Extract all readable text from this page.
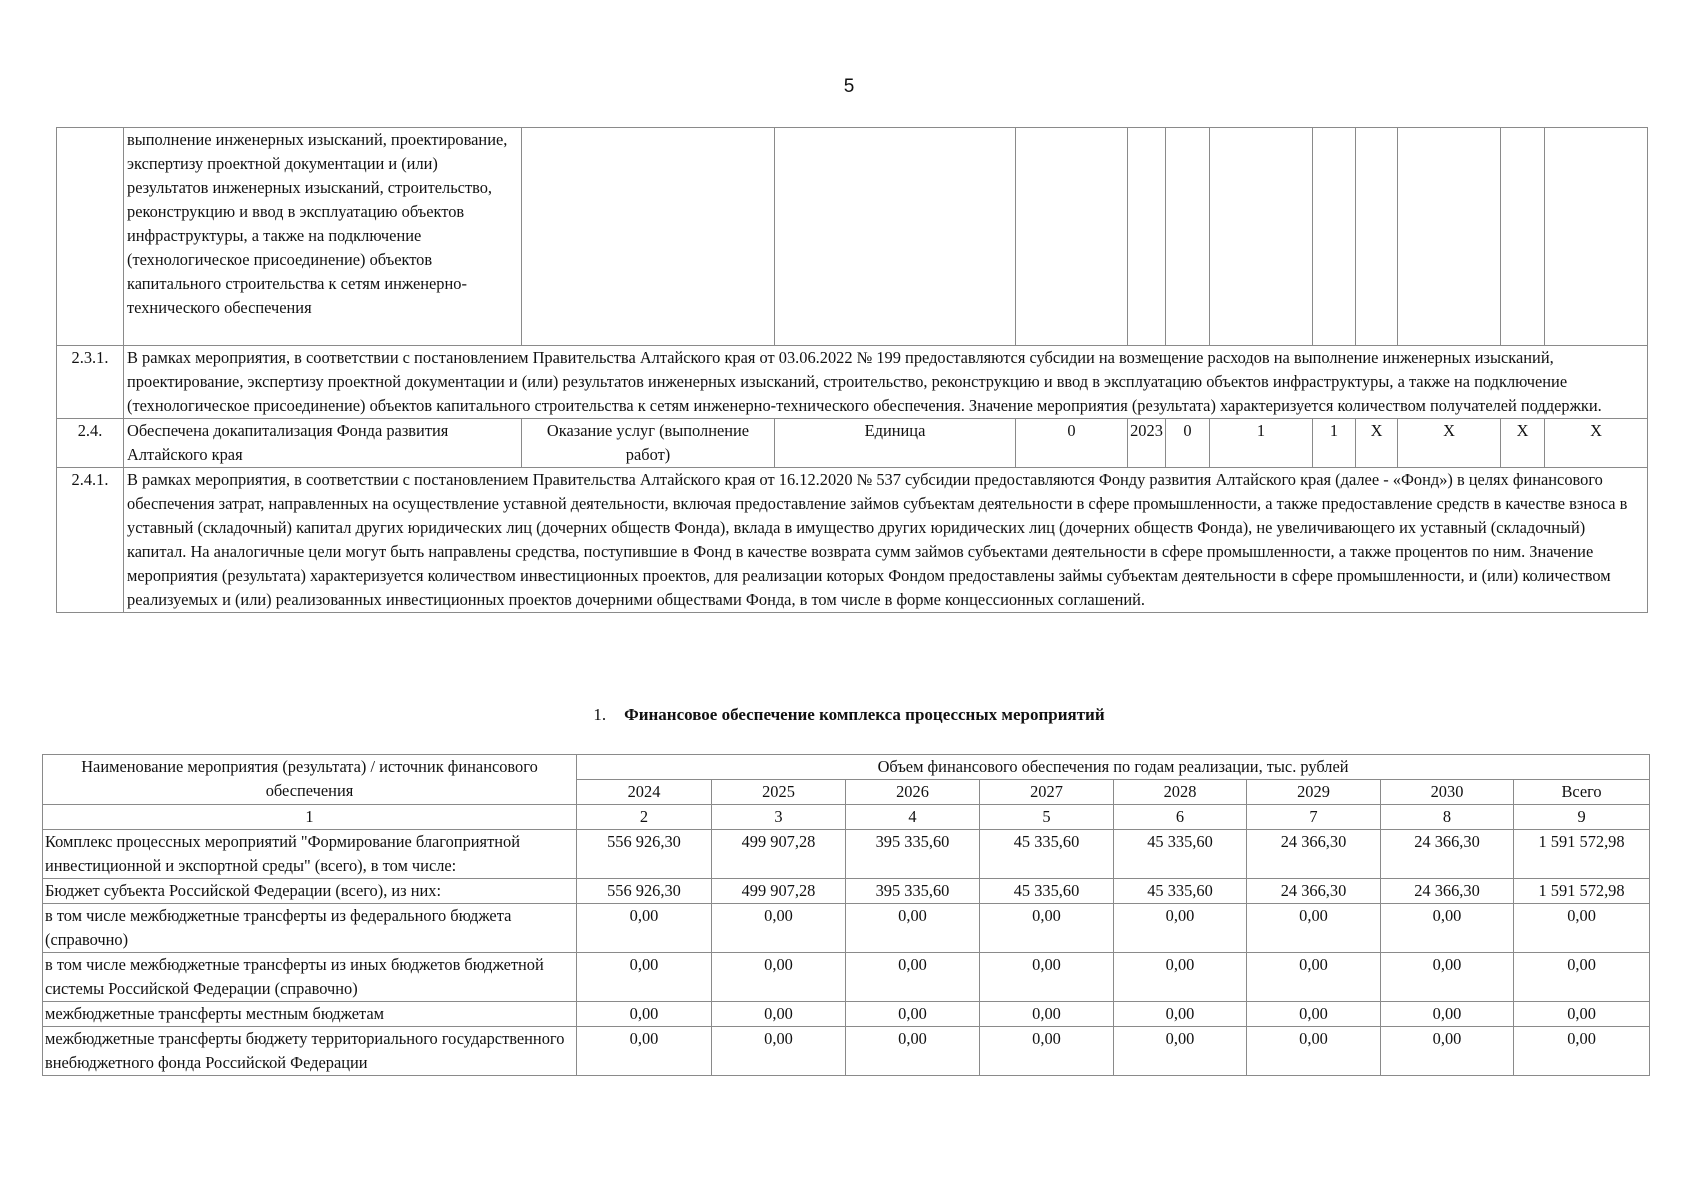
5
	выполнение инженерных изысканий, проектирование, экспертизу проектной документации и (или) результатов инженерных изысканий, строительство, реконструкцию и ввод в эксплуатацию объектов инфраструктуры, а также на подключение (технологическое присоединение) объектов капитального строительства к сетям инженерно-технического обеспечения											
2.3.1.	В рамках мероприятия, в соответствии с постановлением Правительства Алтайского края от 03.06.2022 № 199 предоставляются субсидии на возмещение расходов на выполнение инженерных изысканий, проектирование, экспертизу проектной документации и (или) результатов инженерных изысканий, строительство, реконструкцию и ввод в эксплуатацию объектов инфраструктуры, а также на подключение (технологическое присоединение) объектов капитального строительства к сетям инженерно-технического обеспечения. Значение мероприятия (результата) характеризуется количеством получателей поддержки.											
2.4.	Обеспечена докапитализация Фонда развития Алтайского края	Оказание услуг (выполнение работ)	Единица	0	2023	0	1	1	X	X	X	X
2.4.1.	В рамках мероприятия, в соответствии с постановлением Правительства Алтайского края от 16.12.2020 № 537 субсидии предоставляются Фонду развития Алтайского края (далее - «Фонд») в целях финансового обеспечения затрат, направленных на осуществление уставной деятельности, включая предоставление займов субъектам деятельности в сфере промышленности, а также предоставление средств в качестве взноса в уставный (складочный) капитал других юридических лиц (дочерних обществ Фонда), вклада в имущество других юридических лиц (дочерних обществ Фонда), не увеличивающего их уставный (складочный) капитал. На аналогичные цели могут быть направлены средства, поступившие в Фонд в качестве возврата сумм займов субъектами деятельности в сфере промышленности, а также процентов по ним. Значение мероприятия (результата) характеризуется количеством инвестиционных проектов, для реализации которых Фондом предоставлены займы субъектам деятельности в сфере промышленности, и (или) количеством реализуемых и (или) реализованных инвестиционных проектов дочерними обществами Фонда, в том числе в форме концессионных соглашений.											
1. Финансовое обеспечение комплекса процессных мероприятий
Наименование мероприятия (результата) / источник финансового обеспечения	Объем финансового обеспечения по годам реализации, тыс. рублей							
	2024	2025	2026	2027	2028	2029	2030	Всего
1	2	3	4	5	6	7	8	9
Комплекс процессных мероприятий "Формирование благоприятной инвестиционной и экспортной среды" (всего), в том числе:	556 926,30	499 907,28	395 335,60	45 335,60	45 335,60	24 366,30	24 366,30	1 591 572,98
Бюджет субъекта Российской Федерации (всего), из них:	556 926,30	499 907,28	395 335,60	45 335,60	45 335,60	24 366,30	24 366,30	1 591 572,98
в том числе межбюджетные трансферты из федерального бюджета (справочно)	0,00	0,00	0,00	0,00	0,00	0,00	0,00	0,00
в том числе межбюджетные трансферты из иных бюджетов бюджетной системы Российской Федерации (справочно)	0,00	0,00	0,00	0,00	0,00	0,00	0,00	0,00
межбюджетные трансферты местным бюджетам	0,00	0,00	0,00	0,00	0,00	0,00	0,00	0,00
межбюджетные трансферты бюджету территориального государственного внебюджетного фонда Российской Федерации	0,00	0,00	0,00	0,00	0,00	0,00	0,00	0,00
